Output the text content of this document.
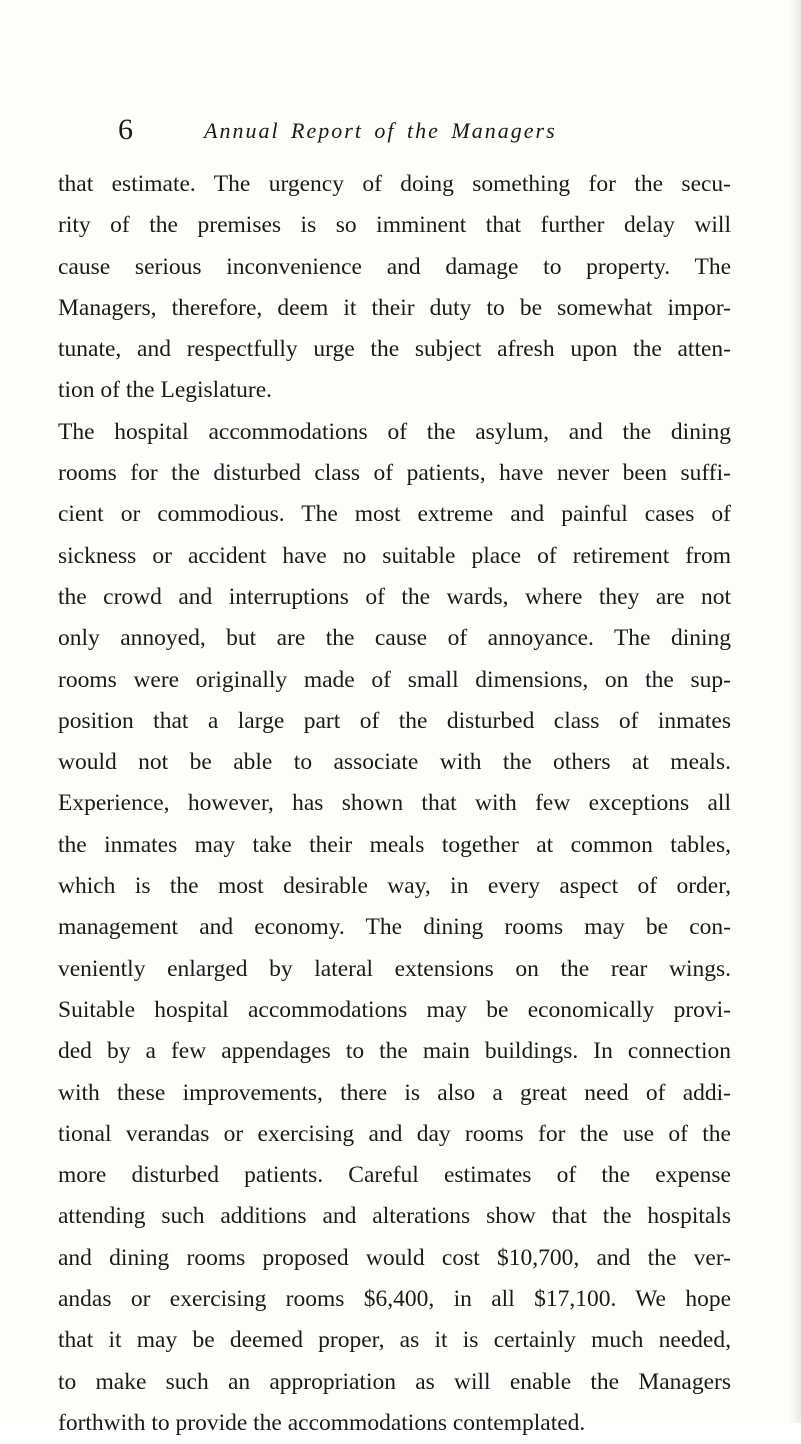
6	Annual Report of the Managers
that estimate. The urgency of doing something for the secu-
rity of the premises is so imminent that further delay will
cause serious inconvenience and damage to property. The
Managers, therefore, deem it their duty to be somewhat impor-
tunate, and respectfully urge the subject afresh upon the atten-
tion of the Legislature.
The hospital accommodations of the asylum, and the dining
rooms for the disturbed class of patients, have never been suffi-
cient or commodious. The most extreme and painful cases of
sickness or accident have no suitable place of retirement from
the crowd and interruptions of the wards, where they are not
only annoyed, but are the cause of annoyance. The dining
rooms were originally made of small dimensions, on the sup-
position that a large part of the disturbed class of inmates
would not be able to associate with the others at meals.
Experience, however, has shown that with few exceptions all
the inmates may take their meals together at common tables,
which is the most desirable way, in every aspect of order,
management and economy. The dining rooms may be con-
veniently enlarged by lateral extensions on the rear wings.
Suitable hospital accommodations may be economically provi-
ded by a few appendages to the main buildings. In connection
with these improvements, there is also a great need of addi-
tional verandas or exercising and day rooms for the use of the
more disturbed patients. Careful estimates of the expense
attending such additions and alterations show that the hospitals
and dining rooms proposed would cost $10,700, and the ver-
andas or exercising rooms $6,400, in all $17,100. We hope
that it may be deemed proper, as it is certainly much needed,
to make such an appropriation as will enable the Managers
forthwith to provide the accommodations contemplated.
